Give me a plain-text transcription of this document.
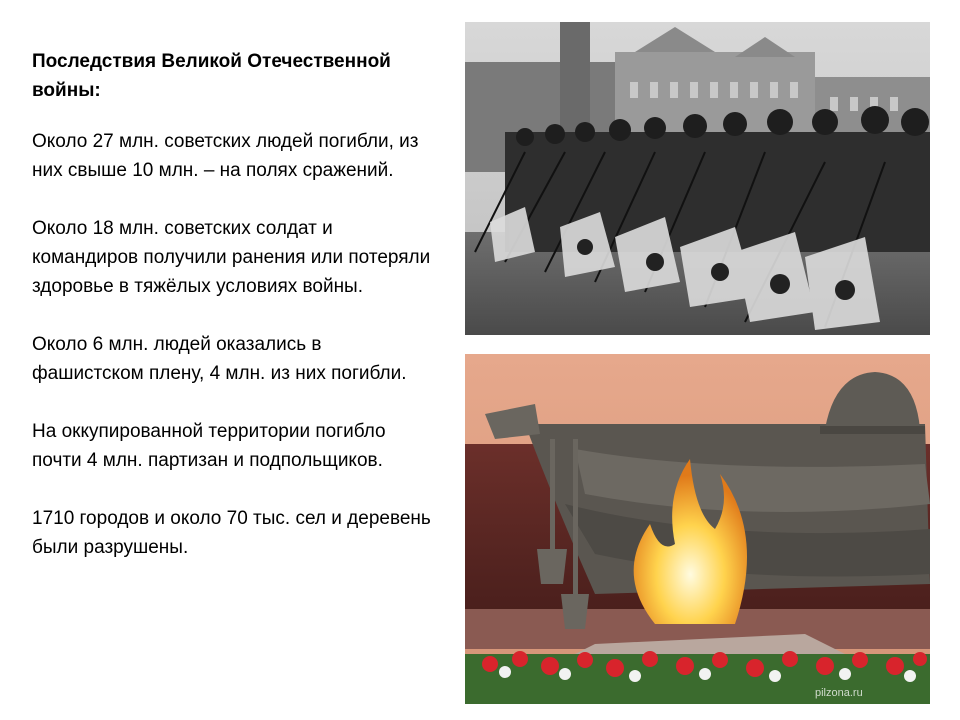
Последствия Великой Отечественной войны:
Около 27 млн. советских людей погибли, из них свыше 10 млн. – на полях сражений.
Около 18 млн. советских солдат и командиров получили ранения или потеряли здоровье в тяжёлых условиях войны.
Около 6 млн. людей оказались в фашистском плену, 4 млн. из них погибли.
На оккупированной территории погибло почти 4 млн. партизан и подпольщиков.
1710 городов и около 70 тыс. сел и деревень были разрушены.
pilzona.ru
